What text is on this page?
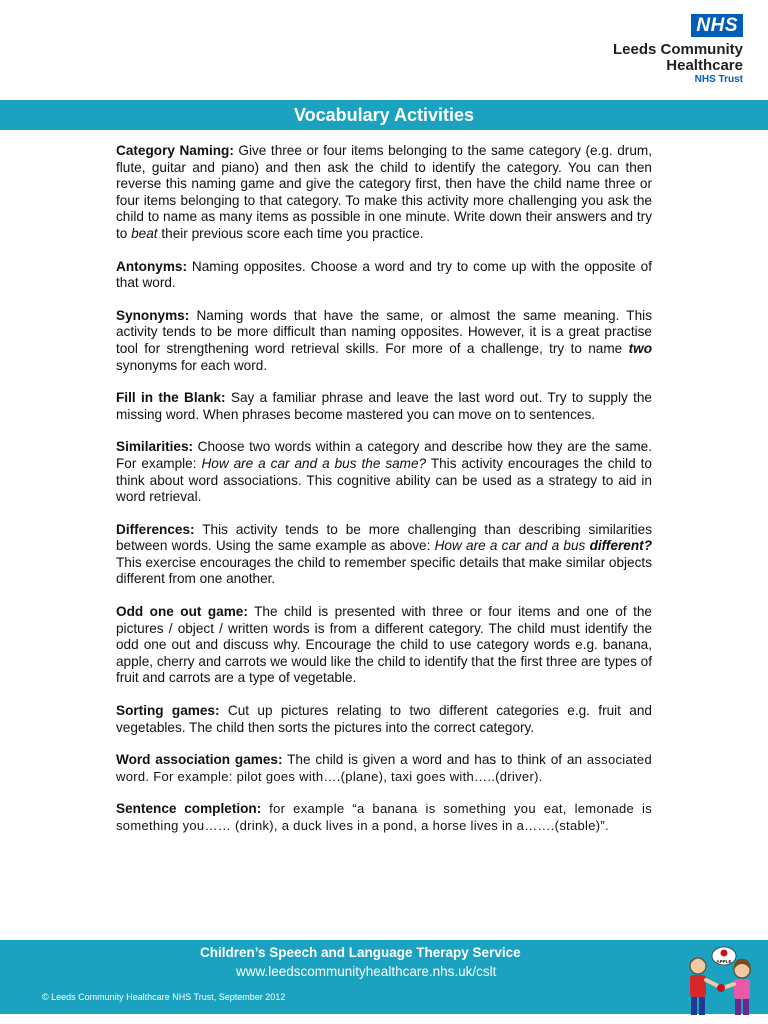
NHS
Leeds Community
Healthcare
NHS Trust
Vocabulary Activities

Category Naming: Give three or four items belonging to the same category (e.g. drum, flute, guitar and piano) and then ask the child to identify the category. You can then reverse this naming game and give the category first, then have the child name three or four items belonging to that category. To make this activity more challenging you ask the child to name as many items as possible in one minute. Write down their answers and try to beat their previous score each time you practice.

Antonyms: Naming opposites. Choose a word and try to come up with the opposite of that word.

Synonyms: Naming words that have the same, or almost the same meaning. This activity tends to be more difficult than naming opposites. However, it is a great practise tool for strengthening word retrieval skills. For more of a challenge, try to name two synonyms for each word.

Fill in the Blank: Say a familiar phrase and leave the last word out. Try to supply the missing word. When phrases become mastered you can move on to sentences.

Similarities: Choose two words within a category and describe how they are the same. For example: How are a car and a bus the same? This activity encourages the child to think about word associations. This cognitive ability can be used as a strategy to aid in word retrieval.

Differences: This activity tends to be more challenging than describing similarities between words. Using the same example as above: How are a car and a bus different? This exercise encourages the child to remember specific details that make similar objects different from one another.

Odd one out game: The child is presented with three or four items and one of the pictures / object / written words is from a different category. The child must identify the odd one out and discuss why. Encourage the child to use category words e.g. banana, apple, cherry and carrots we would like the child to identify that the first three are types of fruit and carrots are a type of vegetable.

Sorting games: Cut up pictures relating to two different categories e.g. fruit and vegetables. The child then sorts the pictures into the correct category.

Word association games: The child is given a word and has to think of an associated word. For example: pilot goes with….(plane), taxi goes with…..(driver).

Sentence completion: for example “a banana is something you eat, lemonade is something you…… (drink), a duck lives in a pond, a horse lives in a…….(stable)”.

Children’s Speech and Language Therapy Service
www.leedscommunityhealthcare.nhs.uk/cslt
© Leeds Community Healthcare NHS Trust, September 2012
APPLE
